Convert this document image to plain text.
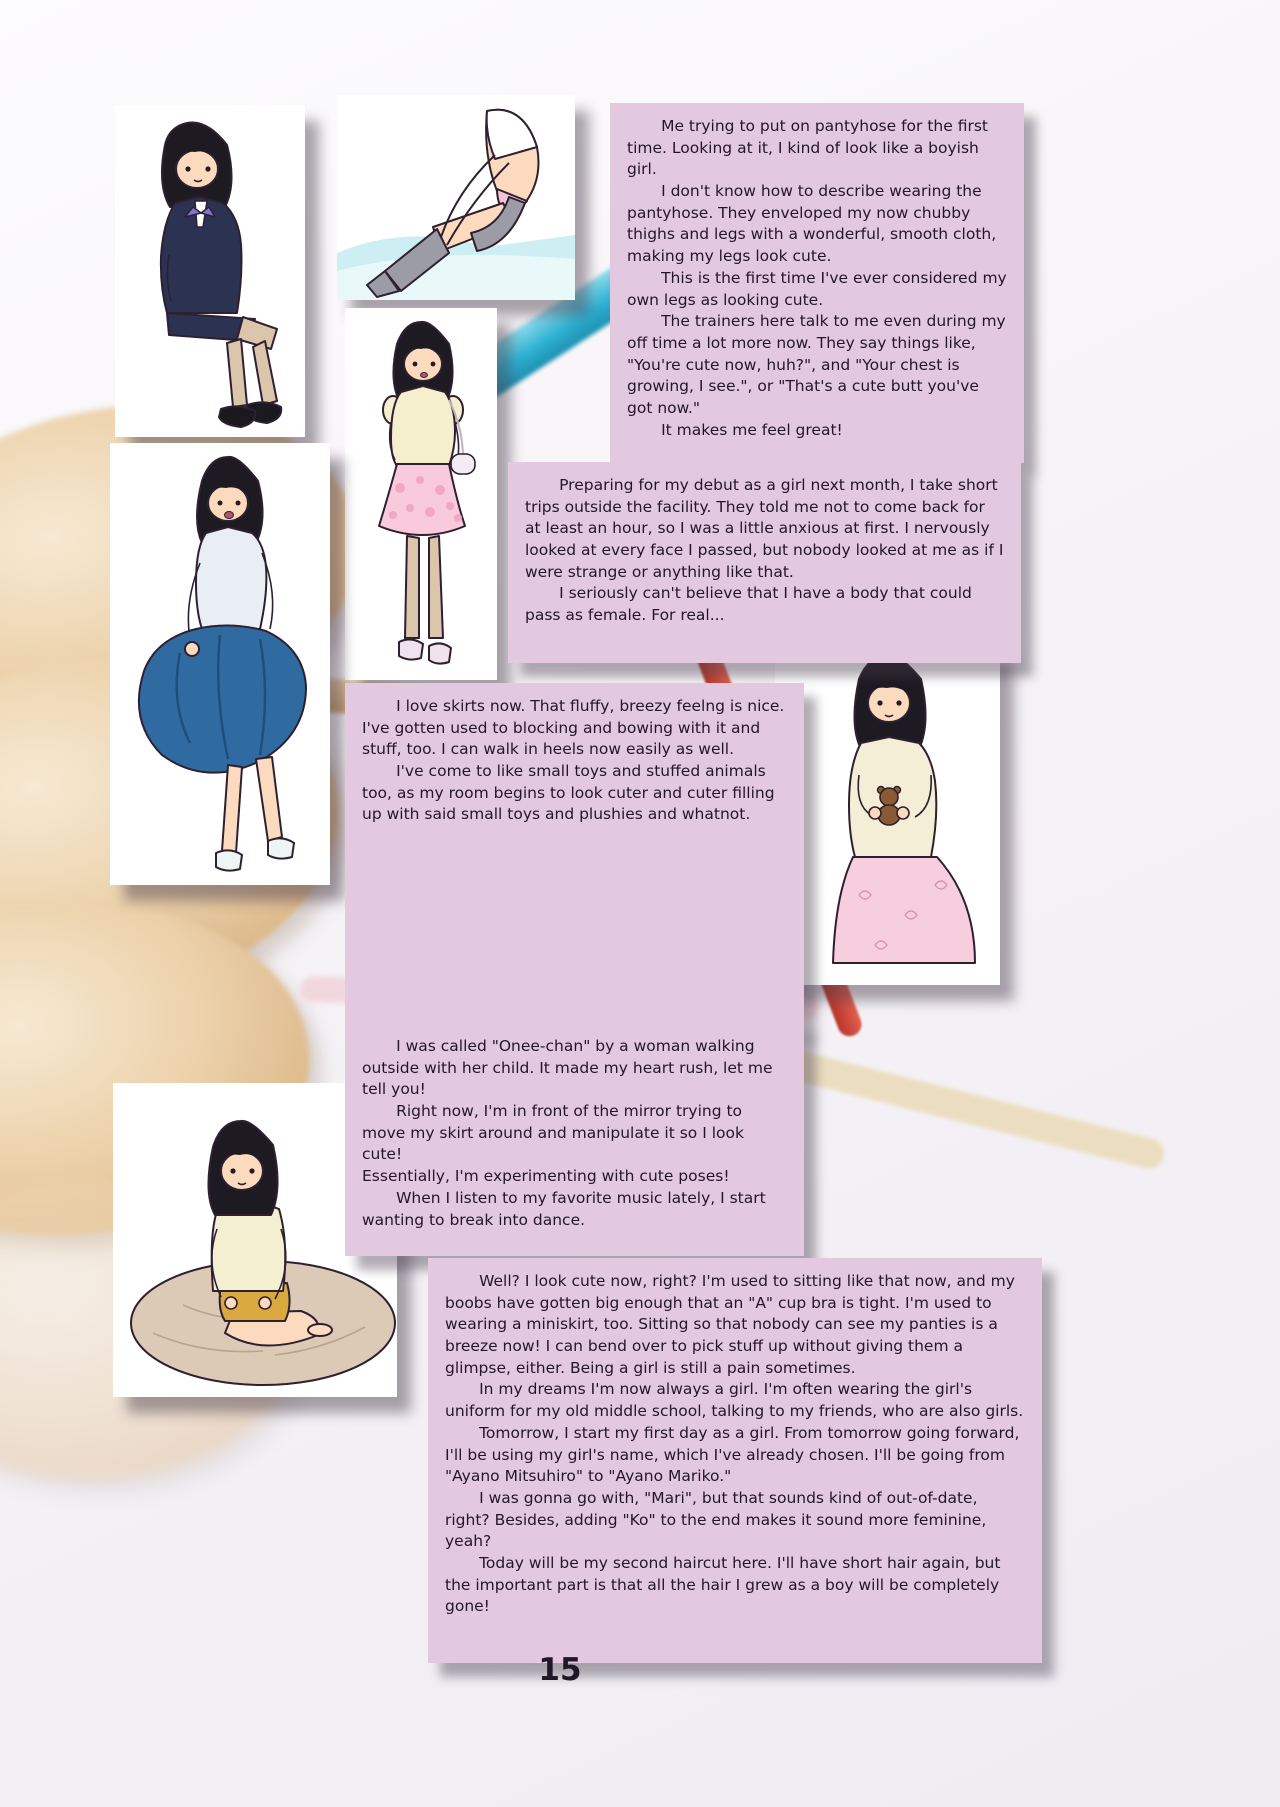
Me trying to put on pantyhose for the first time. Looking at it, I kind of look like a boyish girl.

I don't know how to describe wearing the pantyhose. They enveloped my now chubby thighs and legs with a wonderful, smooth cloth, making my legs look cute.

This is the first time I've ever considered my own legs as looking cute.

The trainers here talk to me even during my off time a lot more now. They say things like, "You're cute now, huh?", and "Your chest is growing, I see.", or "That's a cute butt you've got now."

It makes me feel great!

Preparing for my debut as a girl next month, I take short trips outside the facility. They told me not to come back for at least an hour, so I was a little anxious at first. I nervously looked at every face I passed, but nobody looked at me as if I were strange or anything like that.

I seriously can't believe that I have a body that could pass as female. For real...

I love skirts now. That fluffy, breezy feelng is nice. I've gotten used to blocking and bowing with it and stuff, too. I can walk in heels now easily as well.

I've come to like small toys and stuffed animals too, as my room begins to look cuter and cuter filling up with said small toys and plushies and whatnot.

I was called "Onee-chan" by a woman walking outside with her child. It made my heart rush, let me tell you!

Right now, I'm in front of the mirror trying to move my skirt around and manipulate it so I look cute!

Essentially, I'm experimenting with cute poses!

When I listen to my favorite music lately, I start wanting to break into dance.

Well? I look cute now, right? I'm used to sitting like that now, and my boobs have gotten big enough that an "A" cup bra is tight. I'm used to wearing a miniskirt, too. Sitting so that nobody can see my panties is a breeze now! I can bend over to pick stuff up without giving them a glimpse, either. Being a girl is still a pain sometimes.

In my dreams I'm now always a girl. I'm often wearing the girl's uniform for my old middle school, talking to my friends, who are also girls.

Tomorrow, I start my first day as a girl. From tomorrow going forward, I'll be using my girl's name, which I've already chosen. I'll be going from "Ayano Mitsuhiro" to "Ayano Mariko."

I was gonna go with, "Mari", but that sounds kind of out-of-date, right? Besides, adding "Ko" to the end makes it sound more feminine, yeah?

Today will be my second haircut here. I'll have short hair again, but the important part is that all the hair I grew as a boy will be completely gone!

15
